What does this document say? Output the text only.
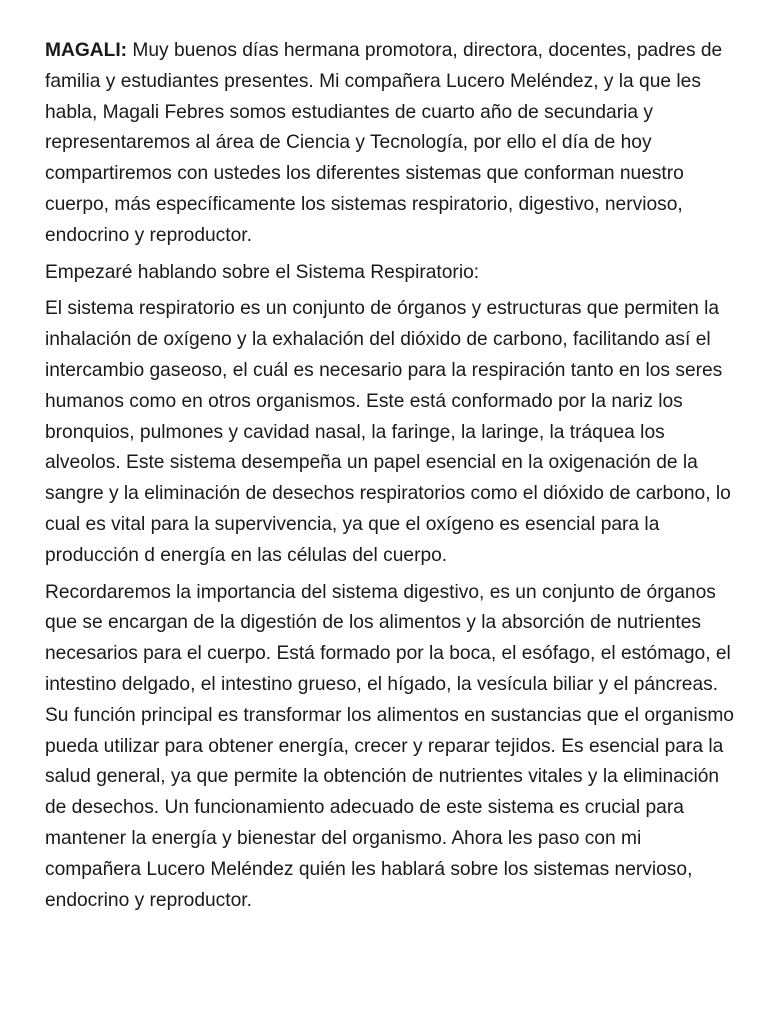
MAGALI: Muy buenos días hermana promotora, directora, docentes, padres de familia y estudiantes presentes. Mi compañera Lucero Meléndez, y la que les habla, Magali Febres somos estudiantes de cuarto año de secundaria y representaremos al área de Ciencia y Tecnología, por ello el día de hoy compartiremos con ustedes los diferentes sistemas que conforman nuestro cuerpo, más específicamente los sistemas respiratorio, digestivo, nervioso, endocrino y reproductor.

Empezaré hablando sobre el Sistema Respiratorio:

El sistema respiratorio es un conjunto de órganos y estructuras que permiten la inhalación de oxígeno y la exhalación del dióxido de carbono, facilitando así el intercambio gaseoso, el cuál es necesario para la respiración tanto en los seres humanos como en otros organismos. Este está conformado por la nariz los bronquios, pulmones y cavidad nasal, la faringe, la laringe, la tráquea los alveolos. Este sistema desempeña un papel esencial en la oxigenación de la sangre y la eliminación de desechos respiratorios como el dióxido de carbono, lo cual es vital para la supervivencia, ya que el oxígeno es esencial para la producción d energía en las células del cuerpo.

Recordaremos la importancia del sistema digestivo, es un conjunto de órganos que se encargan de la digestión de los alimentos y la absorción de nutrientes necesarios para el cuerpo. Está formado por la boca, el esófago, el estómago, el intestino delgado, el intestino grueso, el hígado, la vesícula biliar y el páncreas. Su función principal es transformar los alimentos en sustancias que el organismo pueda utilizar para obtener energía, crecer y reparar tejidos. Es esencial para la salud general, ya que permite la obtención de nutrientes vitales y la eliminación de desechos. Un funcionamiento adecuado de este sistema es crucial para mantener la energía y bienestar del organismo. Ahora les paso con mi compañera Lucero Meléndez quién les hablará sobre los sistemas nervioso, endocrino y reproductor.
